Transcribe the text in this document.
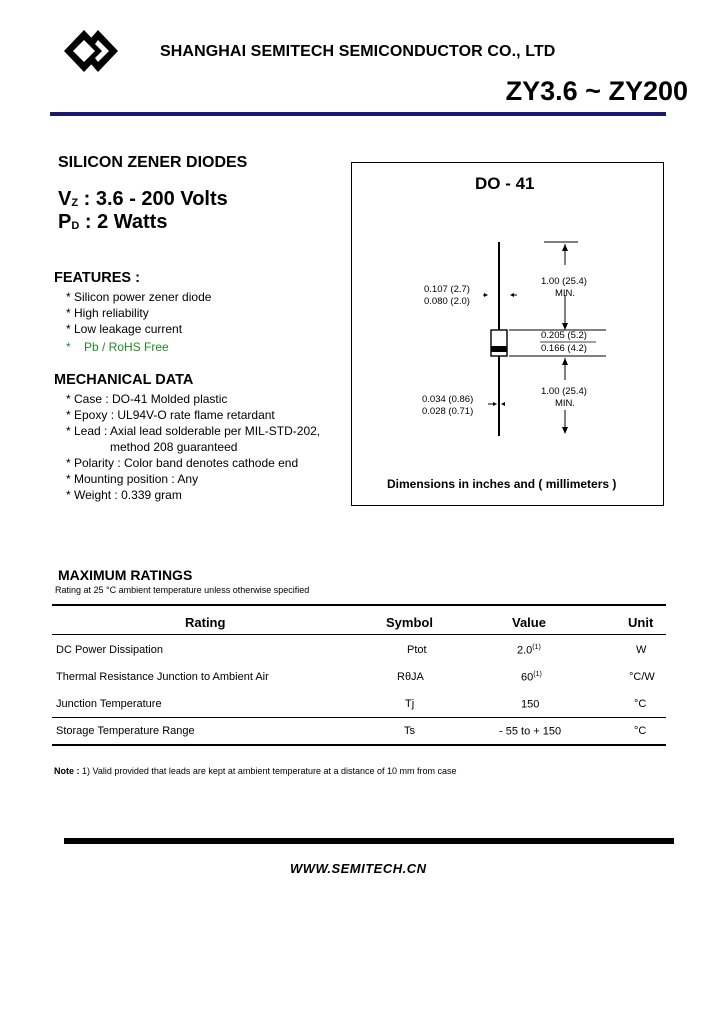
SHANGHAI SEMITECH SEMICONDUCTOR CO., LTD
ZY3.6 ~ ZY200
SILICON ZENER DIODES
$V_Z$ : 3.6 - 200 Volts
$P_D$ : 2 Watts
FEATURES :
* Silicon power zener diode
* High reliability
* Low leakage current
*    Pb / RoHS Free
MECHANICAL DATA
* Case : DO-41 Molded plastic
* Epoxy : UL94V-O rate flame retardant
* Lead : Axial lead solderable per MIL-STD-202,
method 208 guaranteed
* Polarity : Color band denotes cathode end
* Mounting position : Any
* Weight : 0.339 gram
DO - 41
0.107 (2.7)
0.080 (2.0)
1.00 (25.4)
MIN.
0.205 (5.2)
0.166 (4.2)
1.00 (25.4)
MIN.
0.034 (0.86)
0.028 (0.71)
Dimensions in inches and ( millimeters )
MAXIMUM RATINGS
Rating at 25 °C ambient temperature unless otherwise specified
Rating	Symbol	Value	Unit
DC Power Dissipation	Ptot	2.0$^{(1)}$	W
Thermal Resistance Junction to Ambient Air	RθJA	60$^{(1)}$	°C/W
Junction Temperature	Tj	150	°C
Storage Temperature Range	Ts	- 55 to + 150	°C
Note : 1) Valid provided that leads are kept at ambient temperature at a distance of 10 mm from case
WWW.SEMITECH.CN
